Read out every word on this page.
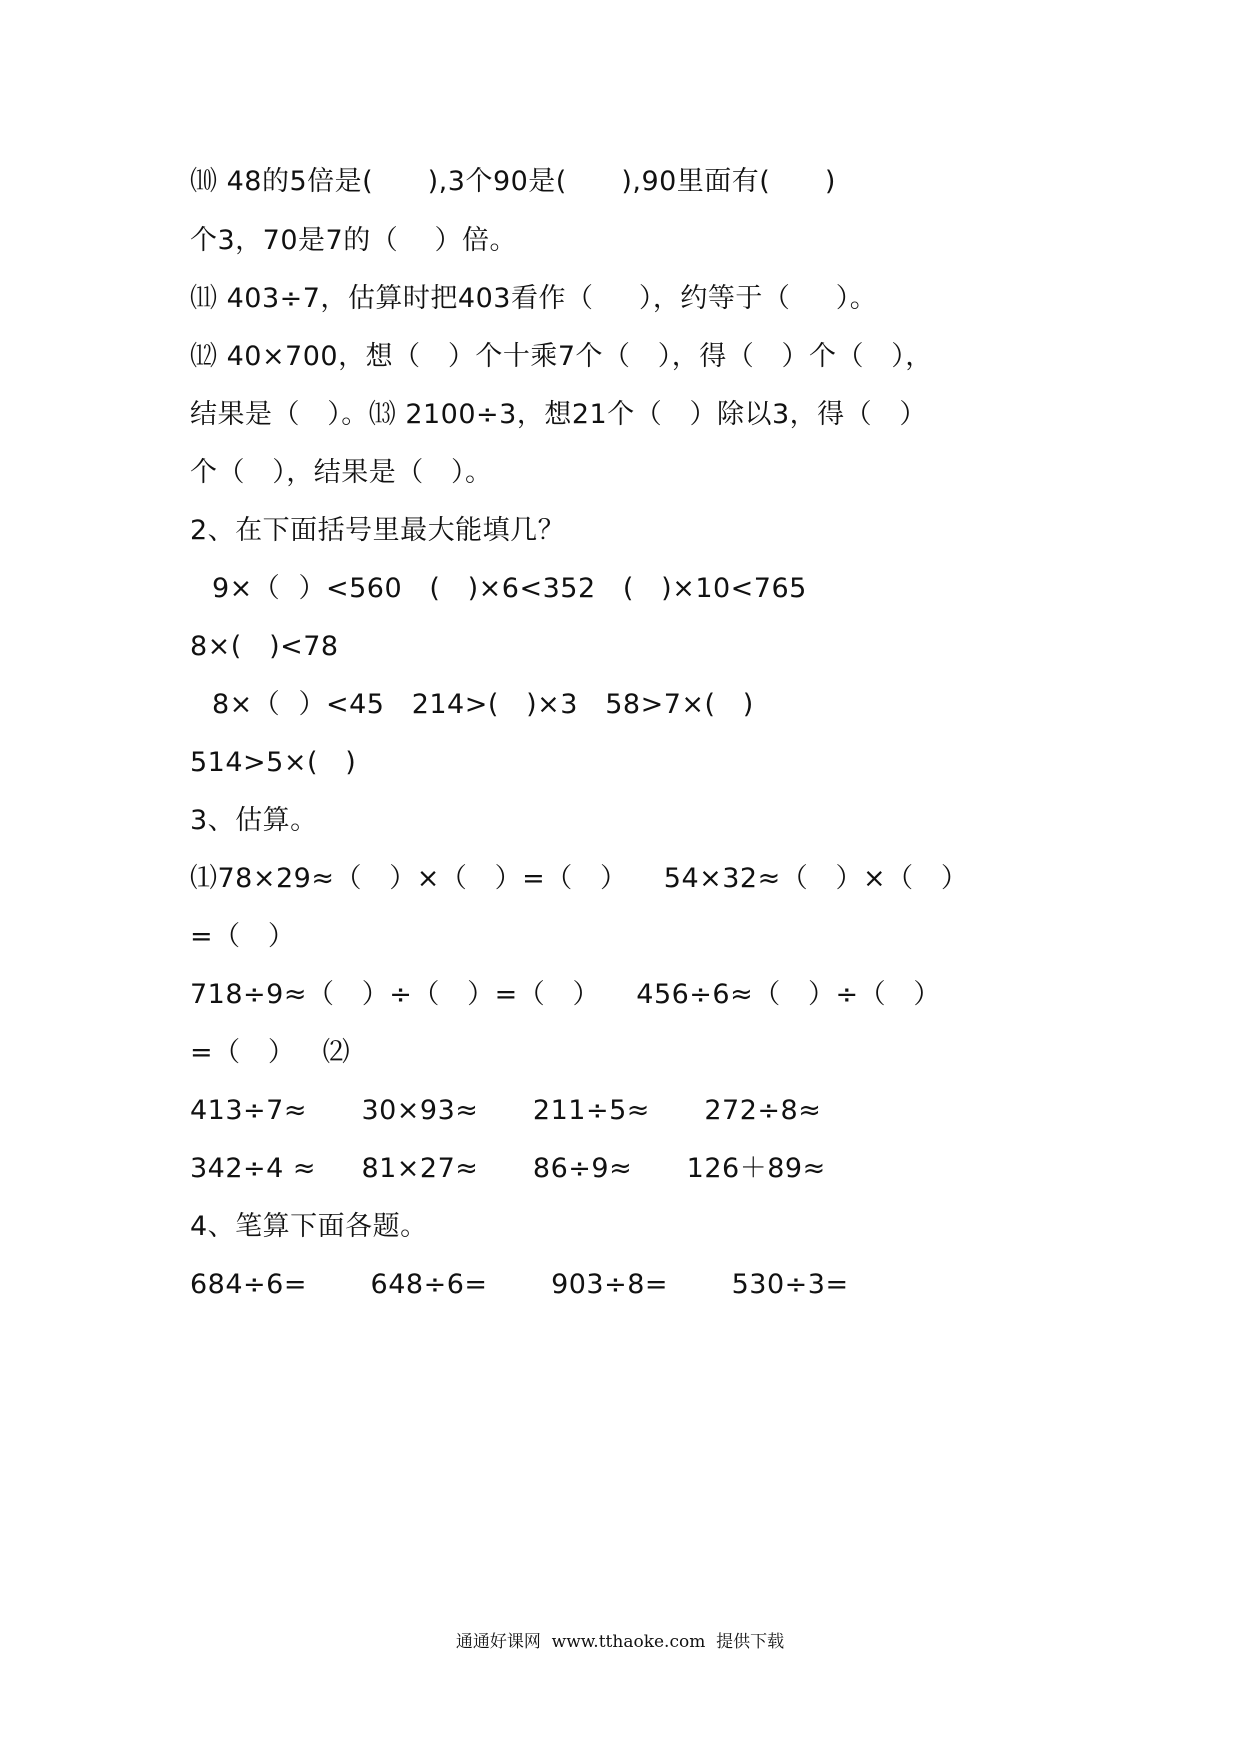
⑽ 48的5倍是(      ),3个90是(      ),90里面有(      )
个3，70是7的（    ）倍。
⑾ 403÷7，估算时把403看作（     ），约等于（     ）。
⑿ 40×700，想（   ）个十乘7个（   ），得（   ）个（   ），
结果是（   ）。⒀ 2100÷3，想21个（   ）除以3，得（   ）
个（   ），结果是（   ）。
2、在下面括号里最大能填几？
9×（  ）<560   (   )×6<352   (   )×10<765
8×(   )<78
8×（  ）<45   214>(   )×3   58>7×(   )
514>5×(   )
3、估算。
⑴78×29≈（   ）×（   ）=（   ）    54×32≈（   ）×（   ）
=（   ）
718÷9≈（   ）÷（   ）=（   ）    456÷6≈（   ）÷（   ）
=（   ）   ⑵
413÷7≈      30×93≈      211÷5≈      272÷8≈
342÷4 ≈     81×27≈      86÷9≈      126＋89≈
4、笔算下面各题。
684÷6=       648÷6=       903÷8=       530÷3=
通通好课网  www.tthaoke.com  提供下载
